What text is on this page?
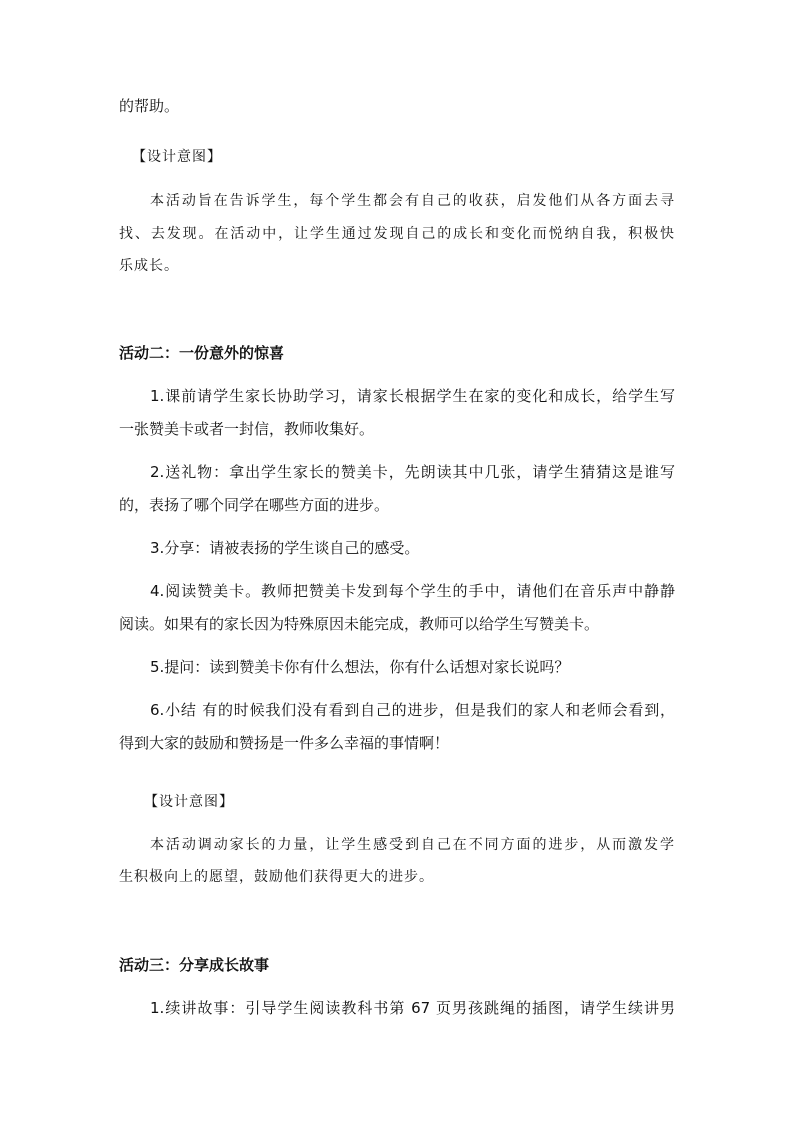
的帮助。
【设计意图】
本活动旨在告诉学生，每个学生都会有自己的收获，启发他们从各方面去寻
找、去发现。在活动中，让学生通过发现自己的成长和变化而悦纳自我，积极快
乐成长。
活动二：一份意外的惊喜
1.课前请学生家长协助学习，请家长根据学生在家的变化和成长，给学生写
一张赞美卡或者一封信，教师收集好。
2.送礼物：拿出学生家长的赞美卡，先朗读其中几张，请学生猜猜这是谁写
的，表扬了哪个同学在哪些方面的进步。
3.分享：请被表扬的学生谈自己的感受。
4.阅读赞美卡。教师把赞美卡发到每个学生的手中，请他们在音乐声中静静
阅读。如果有的家长因为特殊原因未能完成，教师可以给学生写赞美卡。
5.提问：读到赞美卡你有什么想法，你有什么话想对家长说吗？
6.小结 有的时候我们没有看到自己的进步，但是我们的家人和老师会看到，
得到大家的鼓励和赞扬是一件多么幸福的事情啊！
【设计意图】
本活动调动家长的力量，让学生感受到自己在不同方面的进步，从而激发学
生积极向上的愿望，鼓励他们获得更大的进步。
活动三：分享成长故事
1.续讲故事：引导学生阅读教科书第 67 页男孩跳绳的插图，请学生续讲男
